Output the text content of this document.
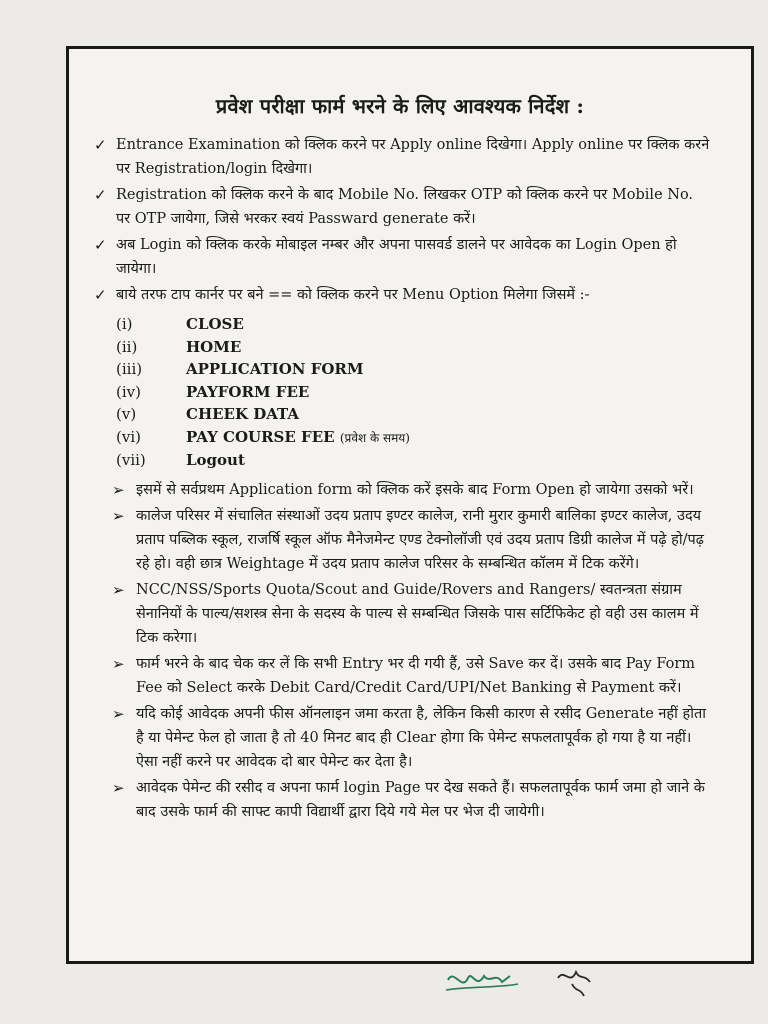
प्रवेश परीक्षा फार्म भरने के लिए आवश्यक निर्देश :
✓ Entrance Examination को क्लिक करने पर Apply online दिखेगा। Apply online पर क्लिक करने पर Registration/login दिखेगा।
✓ Registration को क्लिक करने के बाद Mobile No. लिखकर OTP को क्लिक करने पर Mobile No. पर OTP जायेगा, जिसे भरकर स्वयं Passward generate करें।
✓ अब Login को क्लिक करके मोबाइल नम्बर और अपना पासवर्ड डालने पर आवेदक का Login Open हो जायेगा।
✓ बाये तरफ टाप कार्नर पर बने == को क्लिक करने पर Menu Option मिलेगा जिसमें :-
(i)	CLOSE
(ii)	HOME
(iii)	APPLICATION FORM
(iv)	PAYFORM FEE
(v)	CHEEK DATA
(vi)	PAY COURSE FEE (प्रवेश के समय)
(vii)	Logout
➢ इसमें से सर्वप्रथम Application form को क्लिक करें इसके बाद Form Open हो जायेगा उसको भरें।
➢ कालेज परिसर में संचालित संस्थाओं उदय प्रताप इण्टर कालेज, रानी मुरार कुमारी बालिका इण्टर कालेज, उदय प्रताप पब्लिक स्कूल, राजर्षि स्कूल ऑफ मैनेजमेन्ट एण्ड टेक्नोलॉजी एवं उदय प्रताप डिग्री कालेज में पढ़े हो/पढ़ रहे हो। वही छात्र Weightage में उदय प्रताप कालेज परिसर के सम्बन्धित कॉलम में टिक करेंगे।
➢ NCC/NSS/Sports Quota/Scout and Guide/Rovers and Rangers/ स्वतन्त्रता संग्राम सेनानियों के पाल्य/सशस्त्र सेना के सदस्य के पाल्य से सम्बन्धित जिसके पास सर्टिफिकेट हो वही उस कालम में टिक करेगा।
➢ फार्म भरने के बाद चेक कर लें कि सभी Entry भर दी गयी हैं, उसे Save कर दें। उसके बाद Pay Form Fee को Select करके Debit Card/Credit Card/UPI/Net Banking से Payment करें।
➢ यदि कोई आवेदक अपनी फीस ऑनलाइन जमा करता है, लेकिन किसी कारण से रसीद Generate नहीं होता है या पेमेन्ट फेल हो जाता है तो 40 मिनट बाद ही Clear होगा कि पेमेन्ट सफलतापूर्वक हो गया है या नहीं। ऐसा नहीं करने पर आवेदक दो बार पेमेन्ट कर देता है।
➢ आवेदक पेमेन्ट की रसीद व अपना फार्म login Page पर देख सकते हैं। सफलतापूर्वक फार्म जमा हो जाने के बाद उसके फार्म की साफ्ट कापी विद्यार्थी द्वारा दिये गये मेल पर भेज दी जायेगी।
